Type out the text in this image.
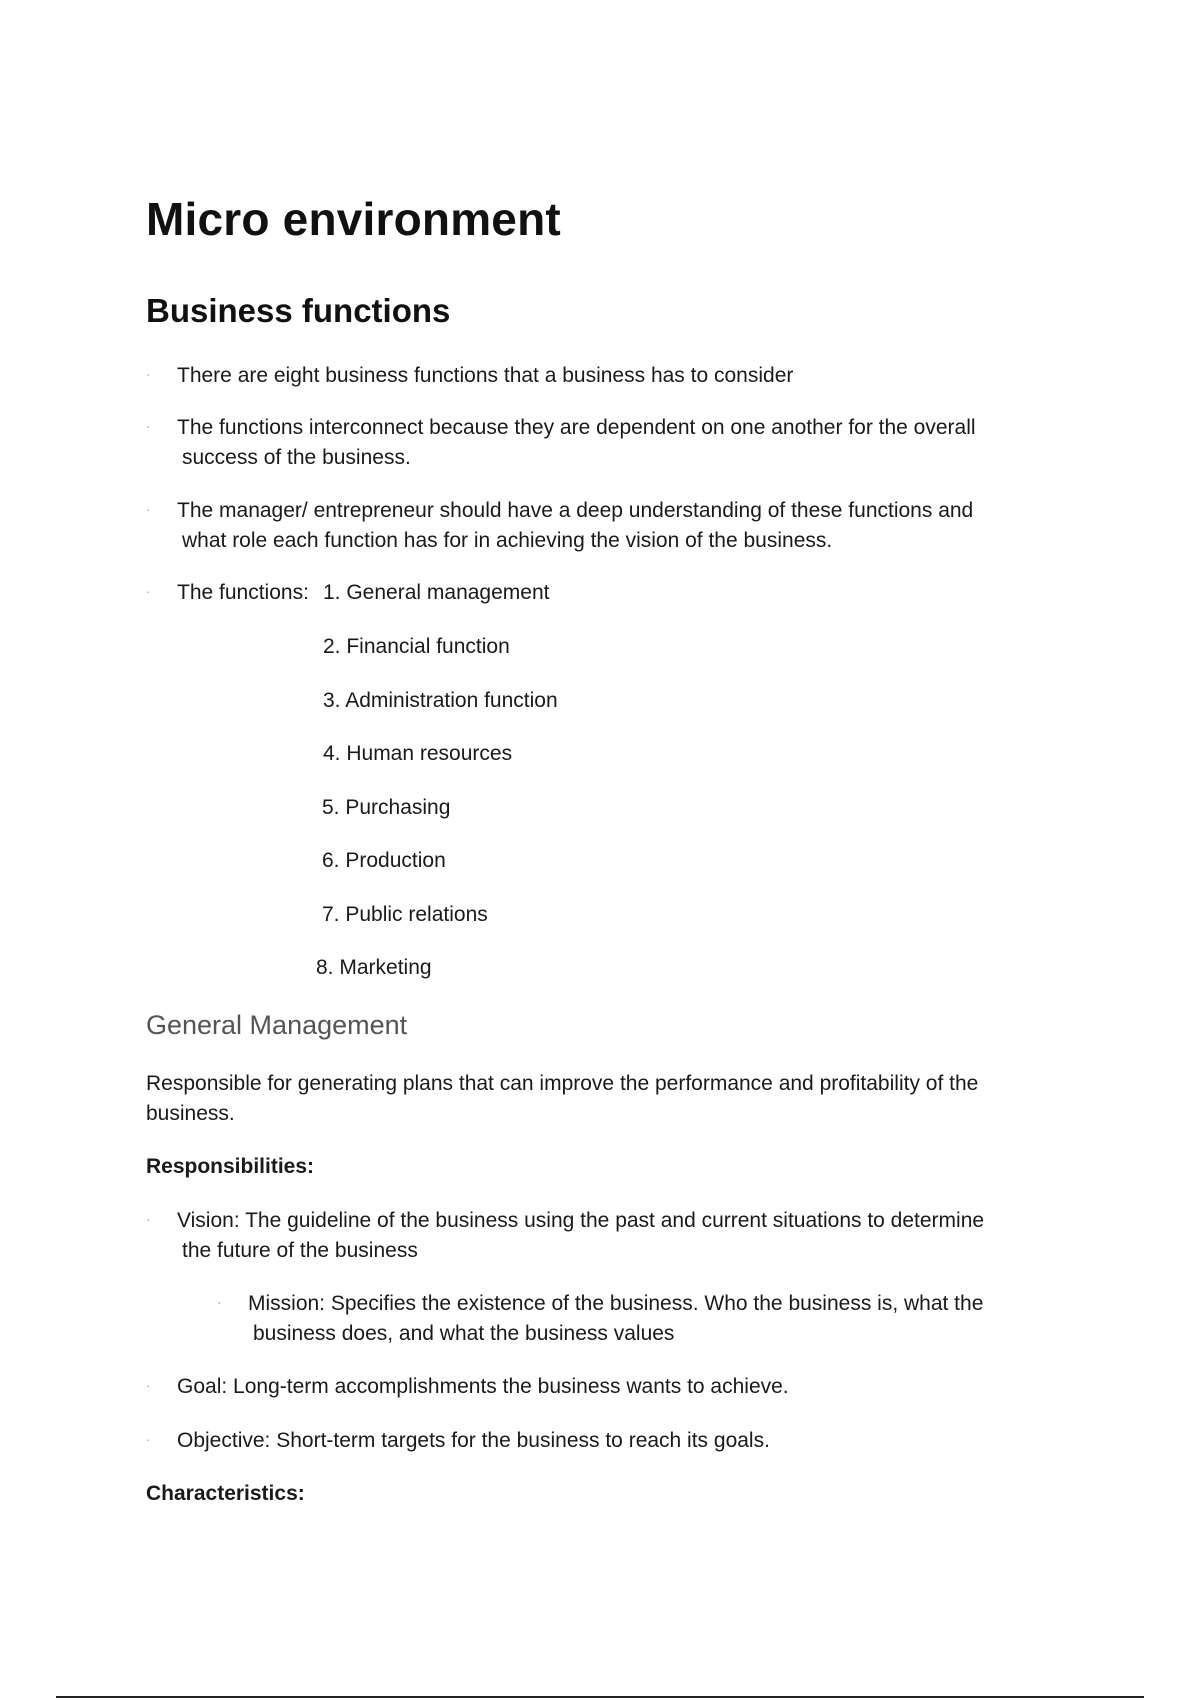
Micro environment
Business functions
· There are eight business functions that a business has to consider
· The functions interconnect because they are dependent on one another for the overall
success of the business.
· The manager/ entrepreneur should have a deep understanding of these functions and
what role each function has for in achieving the vision of the business.
· The functions: 1. General management
2. Financial function
3. Administration function
4. Human resources
5. Purchasing
6. Production
7. Public relations
8. Marketing
General Management
Responsible for generating plans that can improve the performance and profitability of the
business.
Responsibilities:
· Vision: The guideline of the business using the past and current situations to determine
the future of the business
· Mission: Specifies the existence of the business. Who the business is, what the
business does, and what the business values
· Goal: Long-term accomplishments the business wants to achieve.
· Objective: Short-term targets for the business to reach its goals.
Characteristics:
